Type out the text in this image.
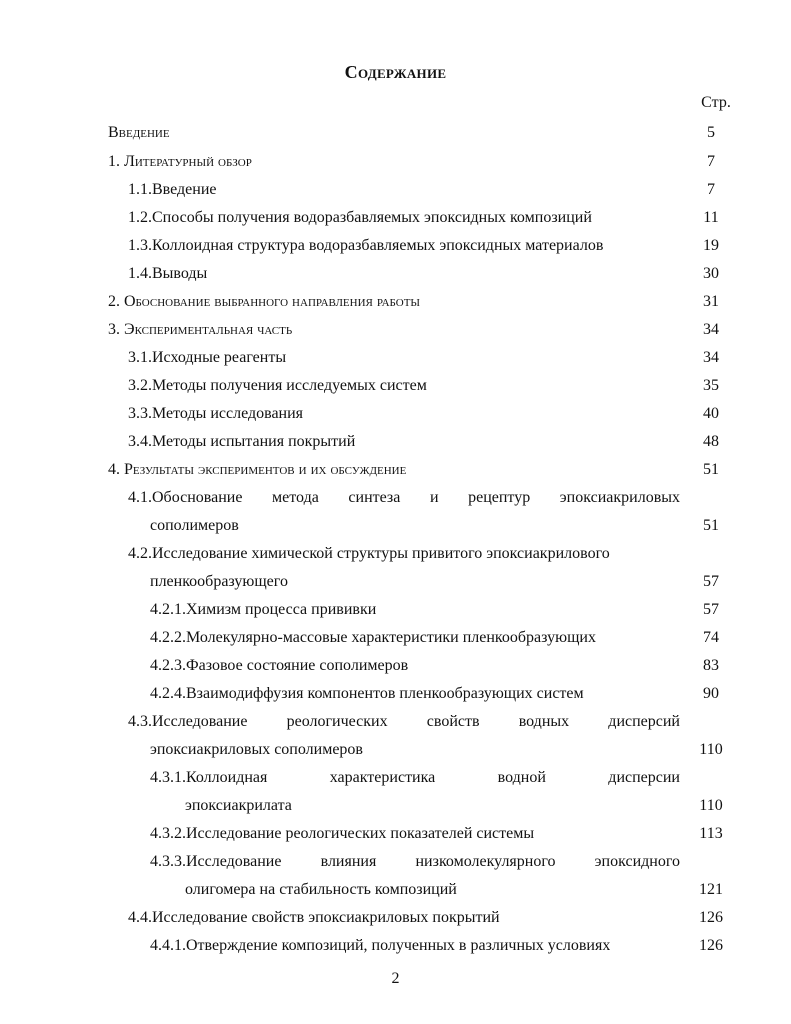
Содержание
Стр.
Введение	5
1. Литературный обзор	7
1.1.Введение	7
1.2.Способы получения водоразбавляемых эпоксидных композиций	11
1.3.Коллоидная структура водоразбавляемых эпоксидных материалов	19
1.4.Выводы	30
2. Обоснование выбранного направления работы	31
3. Экспериментальная часть	34
3.1.Исходные реагенты	34
3.2.Методы получения исследуемых систем	35
3.3.Методы исследования	40
3.4.Методы испытания покрытий	48
4. Результаты экспериментов и их обсуждение	51
4.1.Обоснование метода синтеза и рецептур эпоксиакриловых
сополимеров	51
4.2.Исследование химической структуры привитого эпоксиакрилового
пленкообразующего	57
4.2.1.Химизм процесса прививки	57
4.2.2.Молекулярно-массовые характеристики пленкообразующих	74
4.2.3.Фазовое состояние сополимеров	83
4.2.4.Взаимодиффузия компонентов пленкообразующих систем	90
4.3.Исследование реологических свойств водных дисперсий
эпоксиакриловых сополимеров	110
4.3.1.Коллоидная характеристика водной дисперсии
эпоксиакрилата	110
4.3.2.Исследование реологических показателей системы	113
4.3.3.Исследование влияния низкомолекулярного эпоксидного
олигомера на стабильность композиций	121
4.4.Исследование свойств эпоксиакриловых покрытий	126
4.4.1.Отверждение композиций, полученных в различных условиях	126
2
